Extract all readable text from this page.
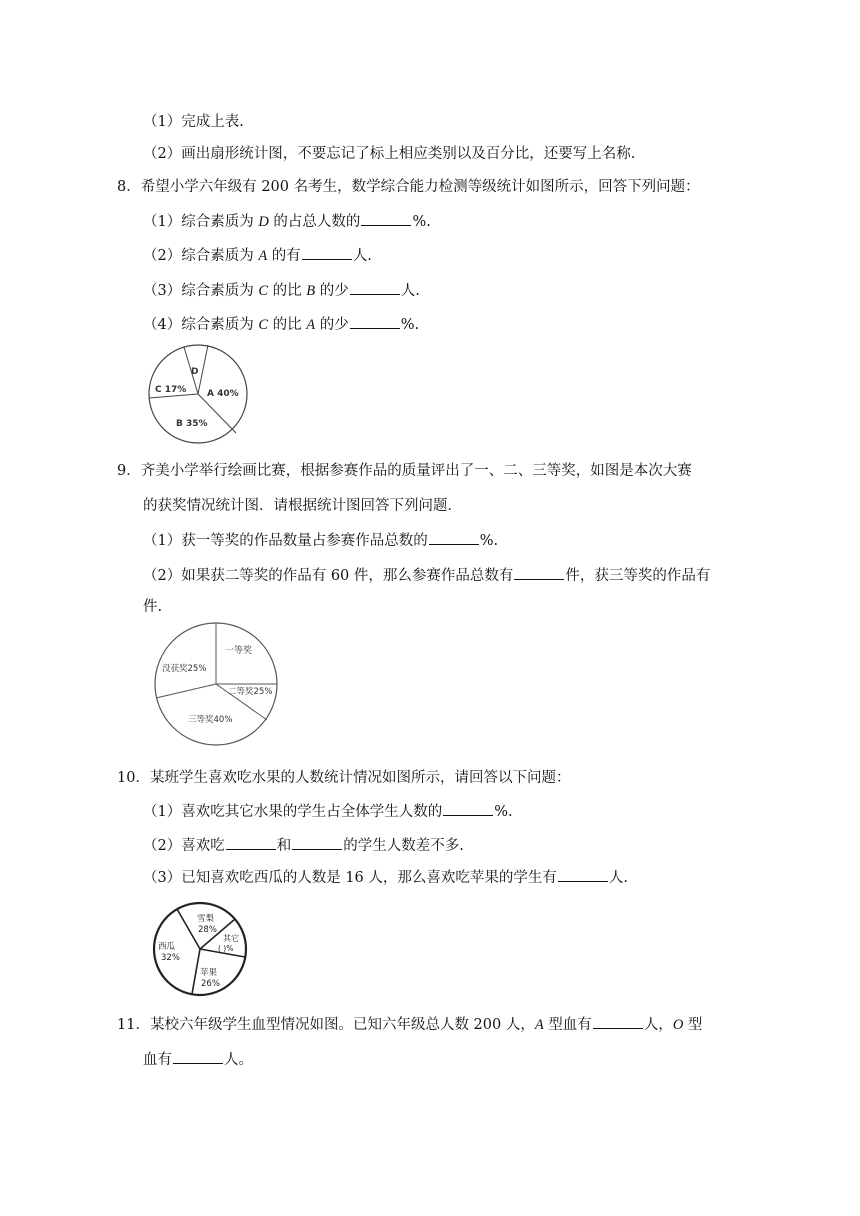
（1）完成上表.
（2）画出扇形统计图，不要忘记了标上相应类别以及百分比，还要写上名称.
8．希望小学六年级有 200 名考生，数学综合能力检测等级统计如图所示，回答下列问题：
（1）综合素质为 D 的占总人数的	%.
（2）综合素质为 A 的有	人.
（3）综合素质为 C 的比 B 的少	人.
（4）综合素质为 C 的比 A 的少	%.
C 17%
D
A 40%
B 35%
9．齐美小学举行绘画比赛，根据参赛作品的质量评出了一、二、三等奖，如图是本次大赛
的获奖情况统计图．请根据统计图回答下列问题．
（1）获一等奖的作品数量占参赛作品总数的	%.
（2）如果获二等奖的作品有 60 件，那么参赛作品总数有	件，获三等奖的作品有
件.
一等奖
没获奖25%
二等奖25%
三等奖40%
10．某班学生喜欢吃水果的人数统计情况如图所示，请回答以下问题：
（1）喜欢吃其它水果的学生占全体学生人数的	%.
（2）喜欢吃	和	的学生人数差不多.
（3）已知喜欢吃西瓜的人数是 16 人，那么喜欢吃苹果的学生有	人.
雪梨
28%
其它
( )%
西瓜
32%
苹果
26%
11．某校六年级学生血型情况如图。已知六年级总人数 200 人，A 型血有	人，O 型
血有	人。
